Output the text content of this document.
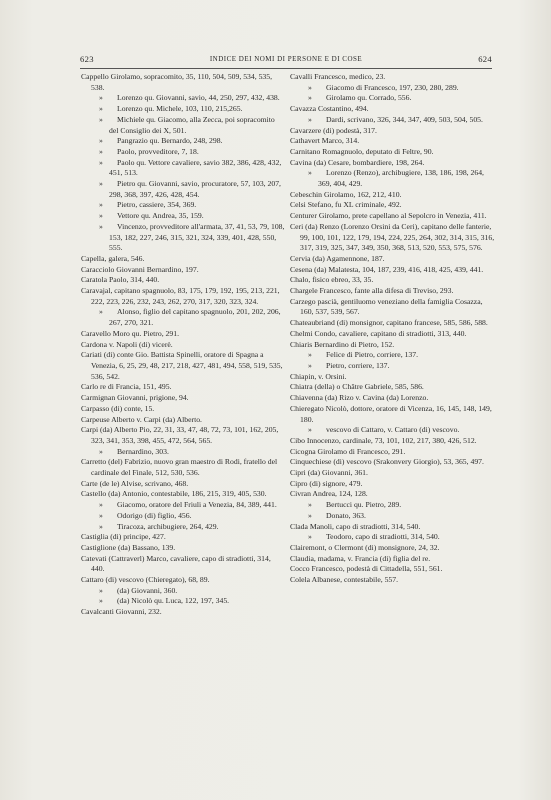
623	INDICE DEI NOMI DI PERSONE E DI COSE	624

Cappello Girolamo, sopracomito, 35, 110, 504, 509, 534, 535, 538.

» Lorenzo qu. Giovanni, savio, 44, 250, 297, 432, 438.

» Lorenzo qu. Michele, 103, 110, 215,265.

» Michiele qu. Giacomo, alla Zecca, poi sopracomito del Consiglio dei X, 501.

» Pangrazio qu. Bernardo, 248, 298.

» Paolo, provveditore, 7, 18.

» Paolo qu. Vettore cavaliere, savio 382, 386, 428, 432, 451, 513.

» Pietro qu. Giovanni, savio, procuratore, 57, 103, 207, 298, 368, 397, 426, 428, 454.

» Pietro, cassiere, 354, 369.

» Vettore qu. Andrea, 35, 159.

» Vincenzo, provveditore all'armata, 37, 41, 53, 79, 108, 153, 182, 227, 246, 315, 321, 324, 339, 401, 428, 550, 555.

Capella, galera, 546.

Caracciolo Giovanni Bernardino, 197.

Caratola Paolo, 314, 440.

Caravajal, capitano spagnuolo, 83, 175, 179, 192, 195, 213, 221, 222, 223, 226, 232, 243, 262, 270, 317, 320, 323, 324.

» Alonso, figlio del capitano spagnuolo, 201, 202, 206, 267, 270, 321.

Caravello Moro qu. Pietro, 291.

Cardona v. Napoli (di) vicerè.

Cariati (di) conte Gio. Battista Spinelli, oratore di Spagna a Venezia, 6, 25, 29, 48, 217, 218, 427, 481, 494, 558, 519, 535, 536, 542.

Carlo re di Francia, 151, 495.

Carmignan Giovanni, prigione, 94.

Carpasso (di) conte, 15.

Carpeuse Alberto v. Carpi (da) Alberto.

Carpi (da) Alberto Pio, 22, 31, 33, 47, 48, 72, 73, 101, 162, 205, 323, 341, 353, 398, 455, 472, 564, 565.

» Bernardino, 303.

Carretto (del) Fabrizio, nuovo gran maestro di Rodi, fratello del cardinale del Finale, 512, 530, 536.

Carte (de le) Alvise, scrivano, 468.

Castello (da) Antonio, contestabile, 186, 215, 319, 405, 530.

» Giacomo, oratore del Friuli a Venezia, 84, 389, 441.

» Odorigo (di) figlio, 456.

» Tiracoza, archibugiere, 264, 429.

Castiglia (di) principe, 427.

Castiglione (da) Bassano, 139.

Catevati (Cattraverl) Marco, cavaliere, capo di stradiotti, 314, 440.

Cattaro (di) vescovo (Chieregato), 68, 89.

» (da) Giovanni, 360.

» (da) Nicolò qu. Luca, 122, 197, 345.

Cavalcanti Giovanni, 232.

Cavalli Francesco, medico, 23.

» Giacomo di Francesco, 197, 230, 280, 289.

» Girolamo qu. Corrado, 556.

Cavazza Costantino, 494.

» Dardi, scrivano, 326, 344, 347, 409, 503, 504, 505.

Cavarzere (di) podestà, 317.

Cathavert Marco, 314.

Carnitano Romagnuolo, deputato di Feltre, 90.

Cavina (da) Cesare, bombardiere, 198, 264.

» Lorenzo (Renzo), archibugiere, 138, 186, 198, 264, 369, 404, 429.

Cebeschin Girolamo, 162, 212, 410.

Celsi Stefano, fu XL criminale, 492.

Centurer Girolamo, prete capellano al Sepolcro in Venezia, 411.

Ceri (da) Renzo (Lorenzo Orsini da Ceri), capitano delle fanterie, 99, 100, 101, 122, 179, 194, 224, 225, 264, 302, 314, 315, 316, 317, 319, 325, 347, 349, 350, 368, 513, 520, 553, 575, 576.

Cervia (da) Agamennone, 187.

Cesena (da) Malatesta, 104, 187, 239, 416, 418, 425, 439, 441.

Chalo, fisico ebreo, 33, 35.

Chargele Francesco, fante alla difesa di Treviso, 293.

Carzego pascià, gentiluomo veneziano della famiglia Cosazza, 160, 537, 539, 567.

Chateaubriand (di) monsignor, capitano francese, 585, 586, 588.

Chelmi Condo, cavaliere, capitano di stradiotti, 313, 440.

Chiaris Bernardino di Pietro, 152.

» Felice di Pietro, corriere, 137.

» Pietro, corriere, 137.

Chiapin, v. Orsini.

Chiatra (della) o Châtre Gabriele, 585, 586.

Chiavenna (da) Rizo v. Cavina (da) Lorenzo.

Chieregato Nicolò, dottore, oratore di Vicenza, 16, 145, 148, 149, 180.

» vescovo di Cattaro, v. Cattaro (di) vescovo.

Cibo Innocenzo, cardinale, 73, 101, 102, 217, 380, 426, 512.

Cicogna Girolamo di Francesco, 291.

Cinquechiese (di) vescovo (Srakonvery Giorgio), 53, 365, 497.

Cipri (da) Giovanni, 361.

Cipro (di) signore, 479.

Civran Andrea, 124, 128.

» Bertucci qu. Pietro, 289.

» Donato, 363.

Clada Manoli, capo di stradiotti, 314, 540.

» Teodoro, capo di stradiotti, 314, 540.

Clairemont, o Clermont (di) monsignore, 24, 32.

Claudia, madama, v. Francia (di) figlia del re.

Cocco Francesco, podestà di Cittadella, 551, 561.

Colela Albanese, contestabile, 557.
